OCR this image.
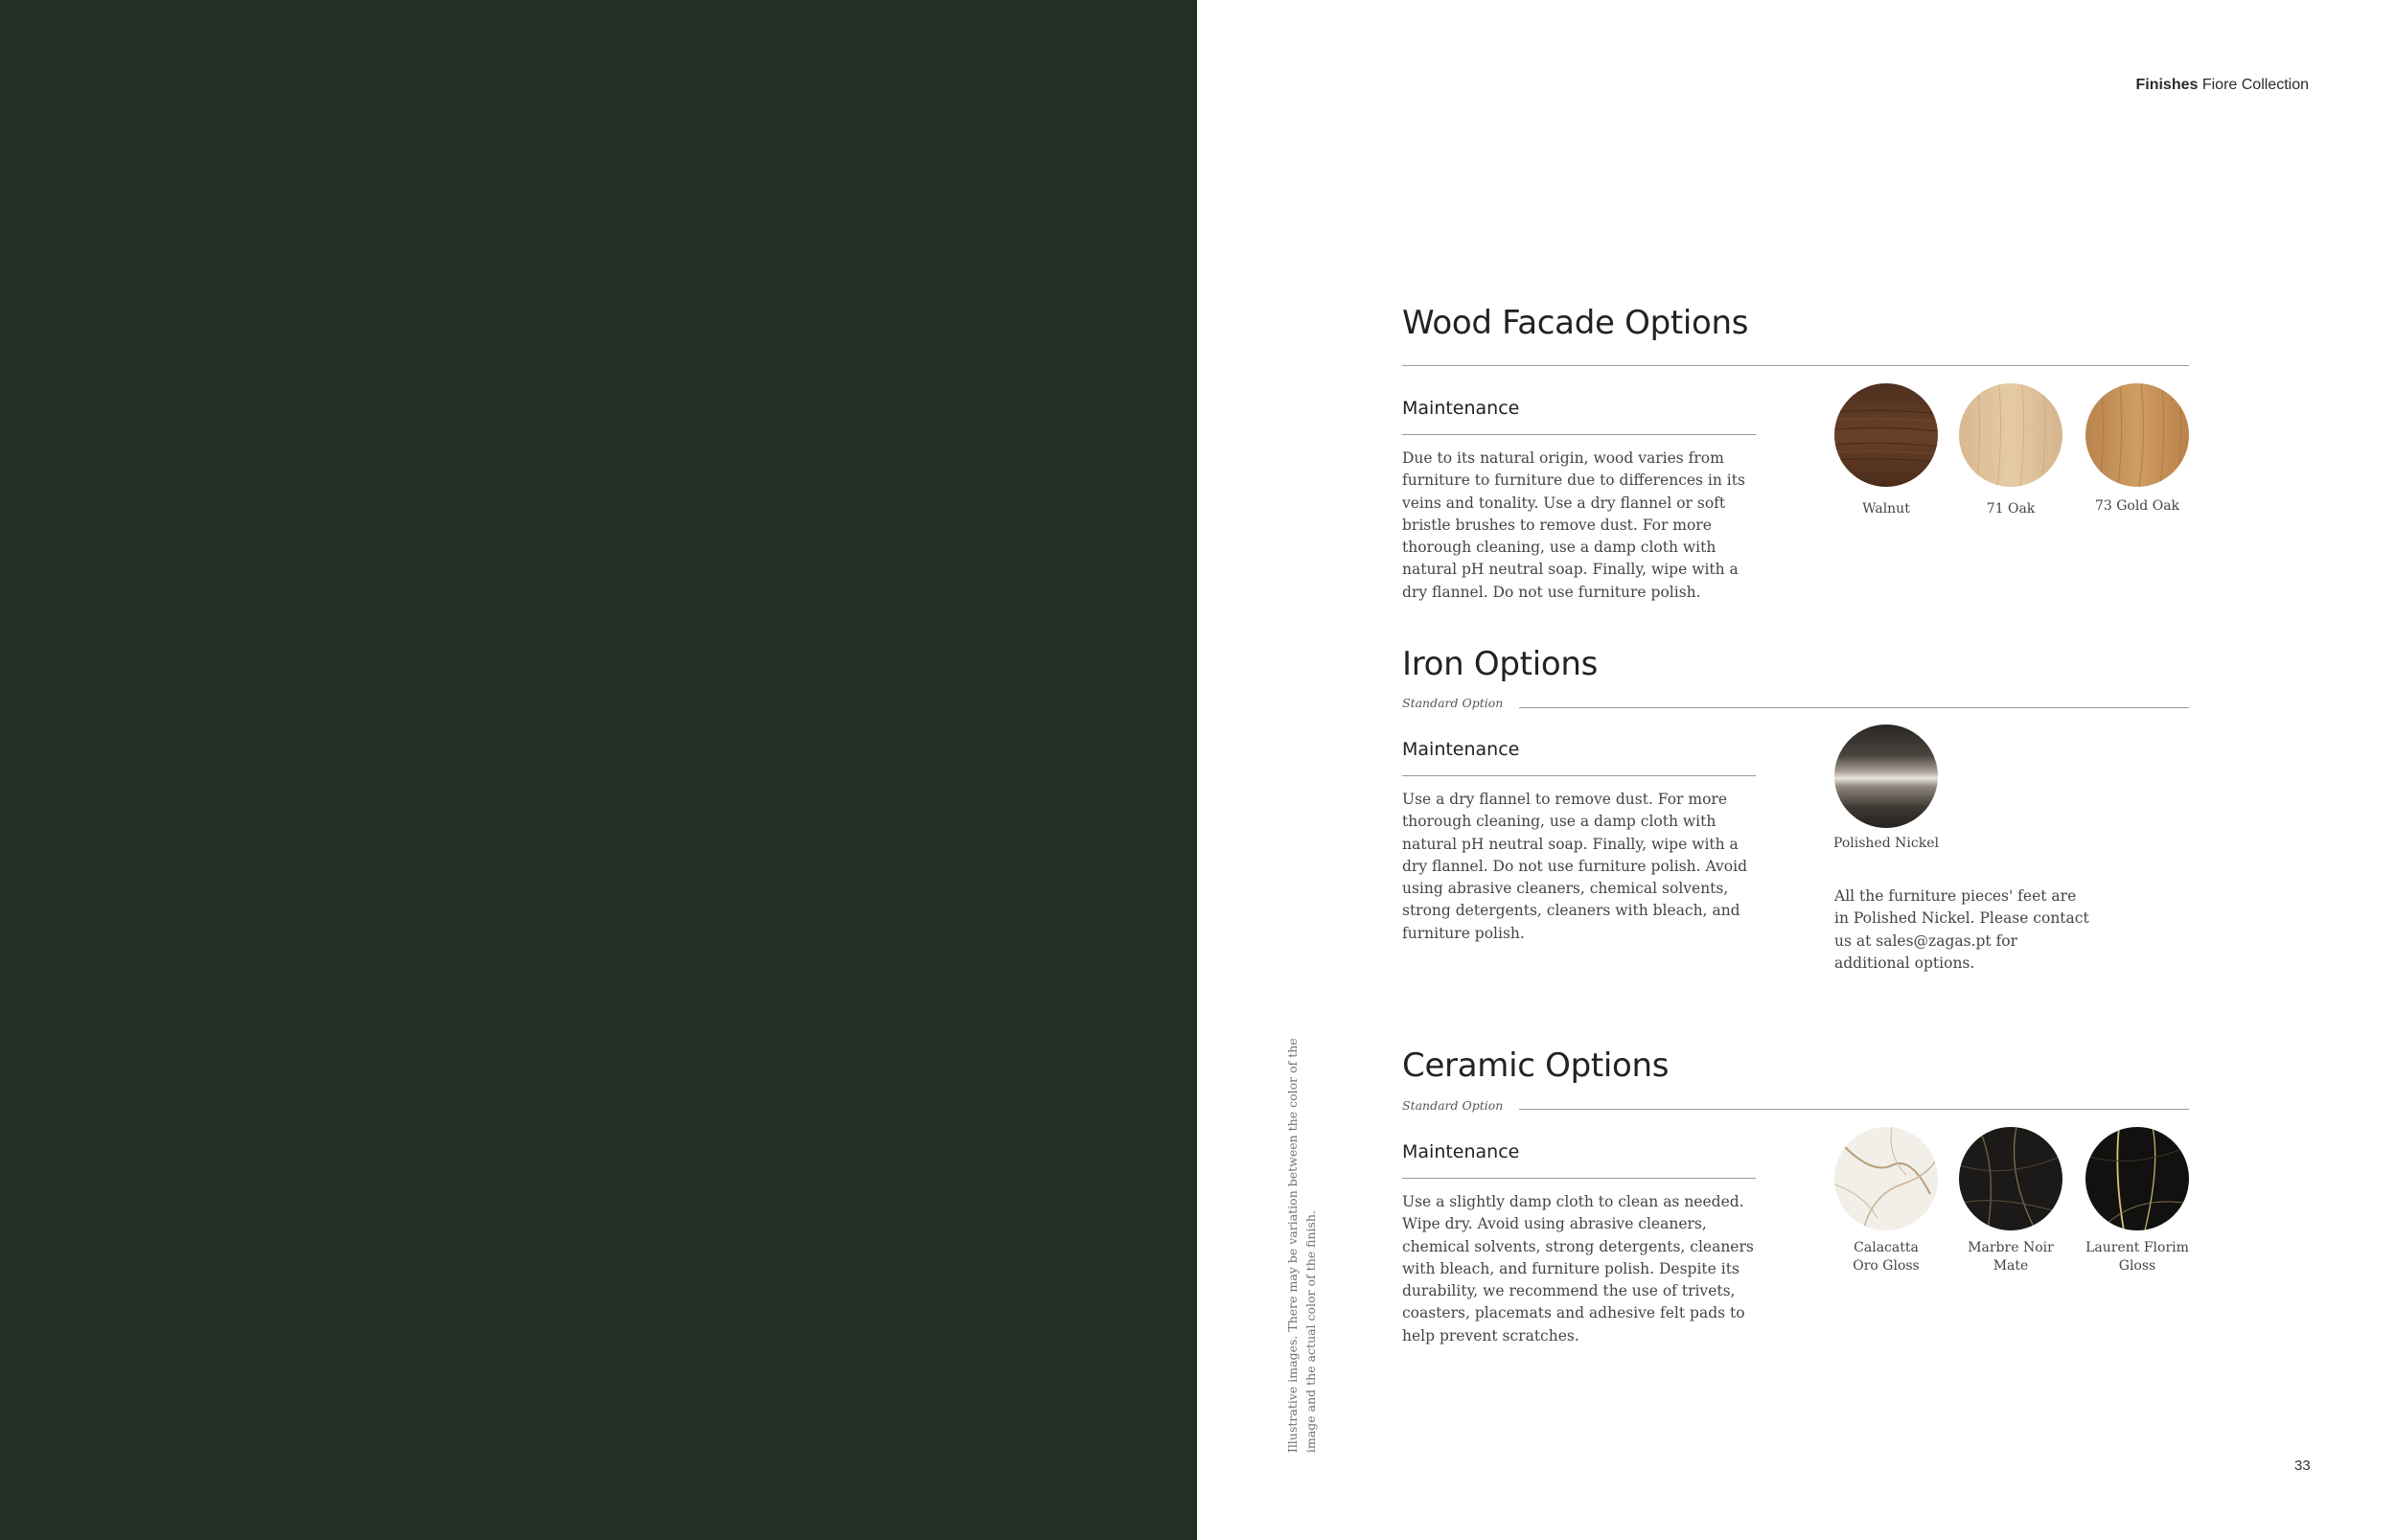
Finishes Fiore Collection
Illustrative images. There may be variation between the color of the image and the actual color of the finish.
Wood Facade Options
Maintenance
Due to its natural origin, wood varies from furniture to furniture due to differences in its veins and tonality. Use a dry flannel or soft bristle brushes to remove dust. For more thorough cleaning, use a damp cloth with natural pH neutral soap. Finally, wipe with a dry flannel. Do not use furniture polish.
Walnut	71 Oak	73 Gold Oak
Iron Options
Standard Option
Maintenance
Use a dry flannel to remove dust. For more thorough cleaning, use a damp cloth with natural pH neutral soap. Finally, wipe with a dry flannel. Do not use furniture polish. Avoid using abrasive cleaners, chemical solvents, strong detergents, cleaners with bleach, and furniture polish.
Polished Nickel
All the furniture pieces' feet are in Polished Nickel. Please contact us at sales@zagas.pt for additional options.
Ceramic Options
Standard Option
Maintenance
Use a slightly damp cloth to clean as needed. Wipe dry. Avoid using abrasive cleaners, chemical solvents, strong detergents, cleaners with bleach, and furniture polish. Despite its durability, we recommend the use of trivets, coasters, placemats and adhesive felt pads to help prevent scratches.
Calacatta
Oro Gloss
Marbre Noir
Mate
Laurent Florim
Gloss
33
